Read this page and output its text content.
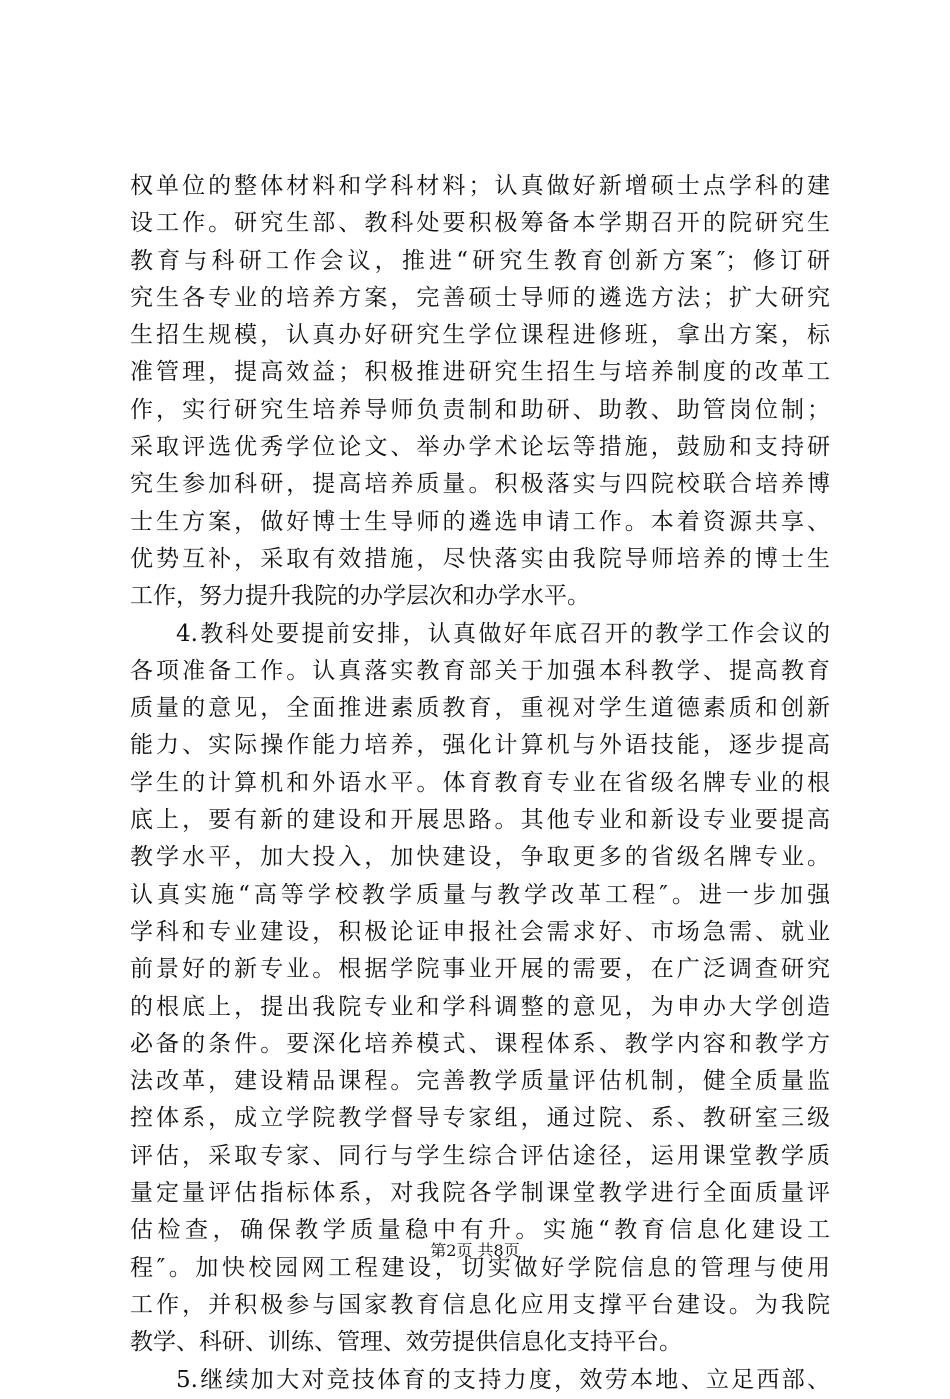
权单位的整体材料和学科材料；认真做好新增硕士点学科的建
设工作。研究生部、教科处要积极筹备本学期召开的院研究生
教育与科研工作会议，推进“研究生教育创新方案″；修订研
究生各专业的培养方案，完善硕士导师的遴选方法；扩大研究
生招生规模，认真办好研究生学位课程进修班，拿出方案，标
准管理，提高效益；积极推进研究生招生与培养制度的改革工
作，实行研究生培养导师负责制和助研、助教、助管岗位制；
采取评选优秀学位论文、举办学术论坛等措施，鼓励和支持研
究生参加科研，提高培养质量。积极落实与四院校联合培养博
士生方案，做好博士生导师的遴选申请工作。本着资源共享、
优势互补，采取有效措施，尽快落实由我院导师培养的博士生
工作，努力提升我院的办学层次和办学水平。
4.教科处要提前安排，认真做好年底召开的教学工作会议的
各项准备工作。认真落实教育部关于加强本科教学、提高教育
质量的意见，全面推进素质教育，重视对学生道德素质和创新
能力、实际操作能力培养，强化计算机与外语技能，逐步提高
学生的计算机和外语水平。体育教育专业在省级名牌专业的根
底上，要有新的建设和开展思路。其他专业和新设专业要提高
教学水平，加大投入，加快建设，争取更多的省级名牌专业。
认真实施“高等学校教学质量与教学改革工程″。进一步加强
学科和专业建设，积极论证申报社会需求好、市场急需、就业
前景好的新专业。根据学院事业开展的需要，在广泛调查研究
的根底上，提出我院专业和学科调整的意见，为申办大学创造
必备的条件。要深化培养模式、课程体系、教学内容和教学方
法改革，建设精品课程。完善教学质量评估机制，健全质量监
控体系，成立学院教学督导专家组，通过院、系、教研室三级
评估，采取专家、同行与学生综合评估途径，运用课堂教学质
量定量评估指标体系，对我院各学制课堂教学进行全面质量评
估检查，确保教学质量稳中有升。实施“教育信息化建设工
程″。加快校园网工程建设，切实做好学院信息的管理与使用
工作，并积极参与国家教育信息化应用支撑平台建设。为我院
教学、科研、训练、管理、效劳提供信息化支持平台。
5.继续加大对竞技体育的支持力度，效劳本地、立足西部、
第2页 共8页
